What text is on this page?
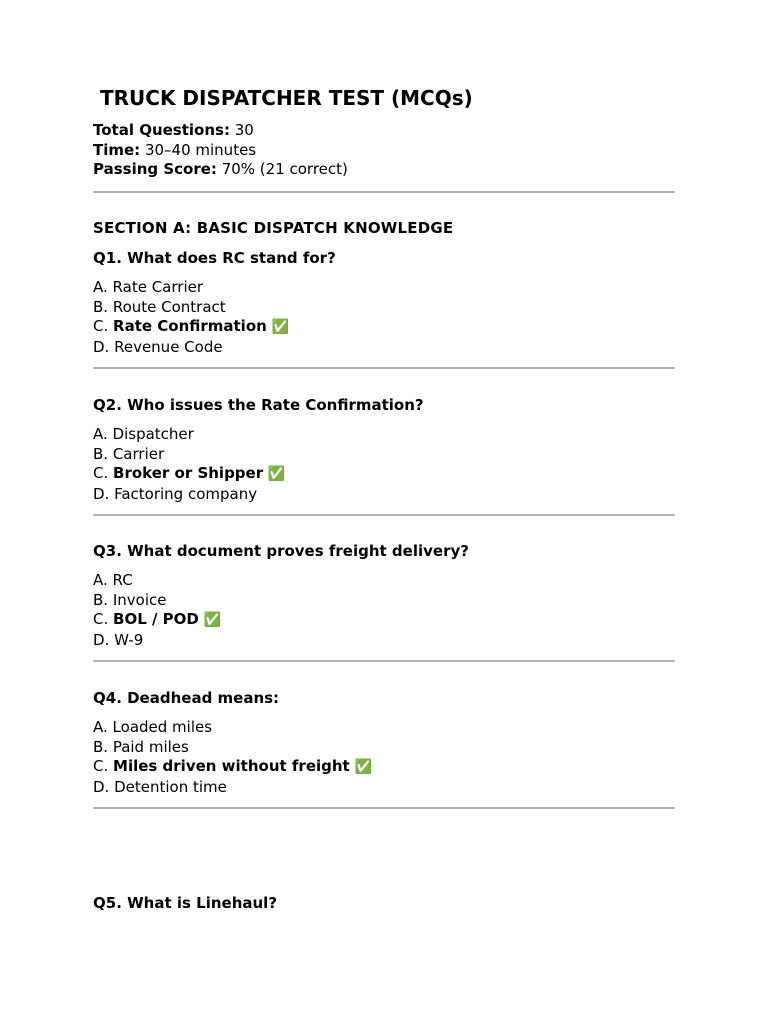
TRUCK DISPATCHER TEST (MCQs)
Total Questions: 30
Time: 30–40 minutes
Passing Score: 70% (21 correct)
SECTION A: BASIC DISPATCH KNOWLEDGE
Q1. What does RC stand for?
A. Rate Carrier
B. Route Contract
C. Rate Confirmation ✅
D. Revenue Code
Q2. Who issues the Rate Confirmation?
A. Dispatcher
B. Carrier
C. Broker or Shipper ✅
D. Factoring company
Q3. What document proves freight delivery?
A. RC
B. Invoice
C. BOL / POD ✅
D. W-9
Q4. Deadhead means:
A. Loaded miles
B. Paid miles
C. Miles driven without freight ✅
D. Detention time
Q5. What is Linehaul?
